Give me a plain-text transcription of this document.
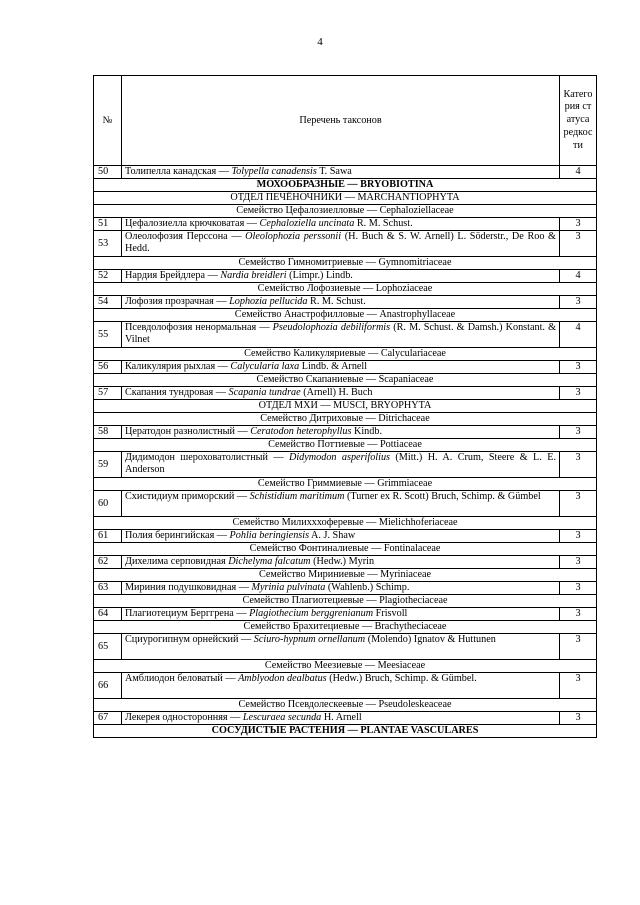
4
№	Перечень таксонов	Категория статуса редкости
50	Толипелла канадская — Tolypella canadensis T. Sawa	4
МОХООБРАЗНЫЕ — BRYOBIOTINA		
ОТДЕЛ ПЕЧЁНОЧНИКИ — MARCHANTIOPHYTA		
Семейство Цефалозиелловые — Cephaloziellaceae		
51	Цефалозиелла крючковатая — Cephaloziella uncinata R. M. Schust.	3
53	Олеолофозия Перссона — Oleolophozia perssonii (H. Buch & S. W. Arnell) L. Söderstr., De Roo & Hedd.	3
Семейство Гимномитриевые — Gymnomitriaceae		
52	Нардия Брейдлера — Nardia breidleri (Limpr.) Lindb.	4
Семейство Лофозиевые — Lophoziaceae		
54	Лофозия прозрачная — Lophozia pellucida R. M. Schust.	3
Семейство Анастрофилловые — Anastrophyllaceae		
55	Псевдолофозия ненормальная — Pseudolophozia debiliformis (R. M. Schust. & Damsh.) Konstant. & Vilnet	4
Семейство Каликуляриевые — Calyculariaceae		
56	Каликулярия рыхлая — Calycularia laxa Lindb. & Arnell	3
Семейство Скапаниевые — Scapaniaceae		
57	Скапания тундровая — Scapania tundrae (Arnell) H. Buch	3
ОТДЕЛ МХИ — MUSCI, BRYOPHYTA		
Семейство Дитриховые — Ditrichaceae		
58	Цератодон разнолистный — Ceratodon heterophyllus Kindb.	3
Семейство Поттиевые — Pottiaceae		
59	Дидимодон шероховатолистный — Didymodon asperifolius (Mitt.) H. A. Crum, Steere & L. E. Anderson	3
Семейство Гриммиевые — Grimmiaceae		
60	Схистидиум приморский — Schistidium maritimum (Turner ex R. Scott) Bruch, Schimp. & Gümbel	3
Семейство Милихххоферевые — Mielichhoferiaceae		
61	Полия берингийская — Pohlia beringiensis A. J. Shaw	3
Семейство Фонтиналиевые — Fontinalaceae		
62	Дихелима серповидная Dichelyma falcatum (Hedw.) Myrin	3
Семейство Мириниевые — Myriniaceae		
63	Мириния подушковидная — Myrinia pulvinata (Wahlenb.) Schimp.	3
Семейство Плагиотециевые — Plagiotheciaceae		
64	Плагиотециум Берггрена — Plagiothecium berggrenianum Frisvoll	3
Семейство Брахитециевые — Brachytheciaceae		
65	Сциурогипнум орнейский — Sciuro-hypnum ornellanum (Molendo) Ignatov & Huttunen	3
Семейство Меезиевые — Meesiaceae		
66	Амблиодон беловатый — Amblyodon dealbatus (Hedw.) Bruch, Schimp. & Gümbel.	3
Семейство Псевдолескеевые — Pseudoleskeaceae		
67	Лекерея односторонняя — Lescuraea secunda H. Arnell	3
СОСУДИСТЫЕ РАСТЕНИЯ — PLANTAE VASCULARES		
